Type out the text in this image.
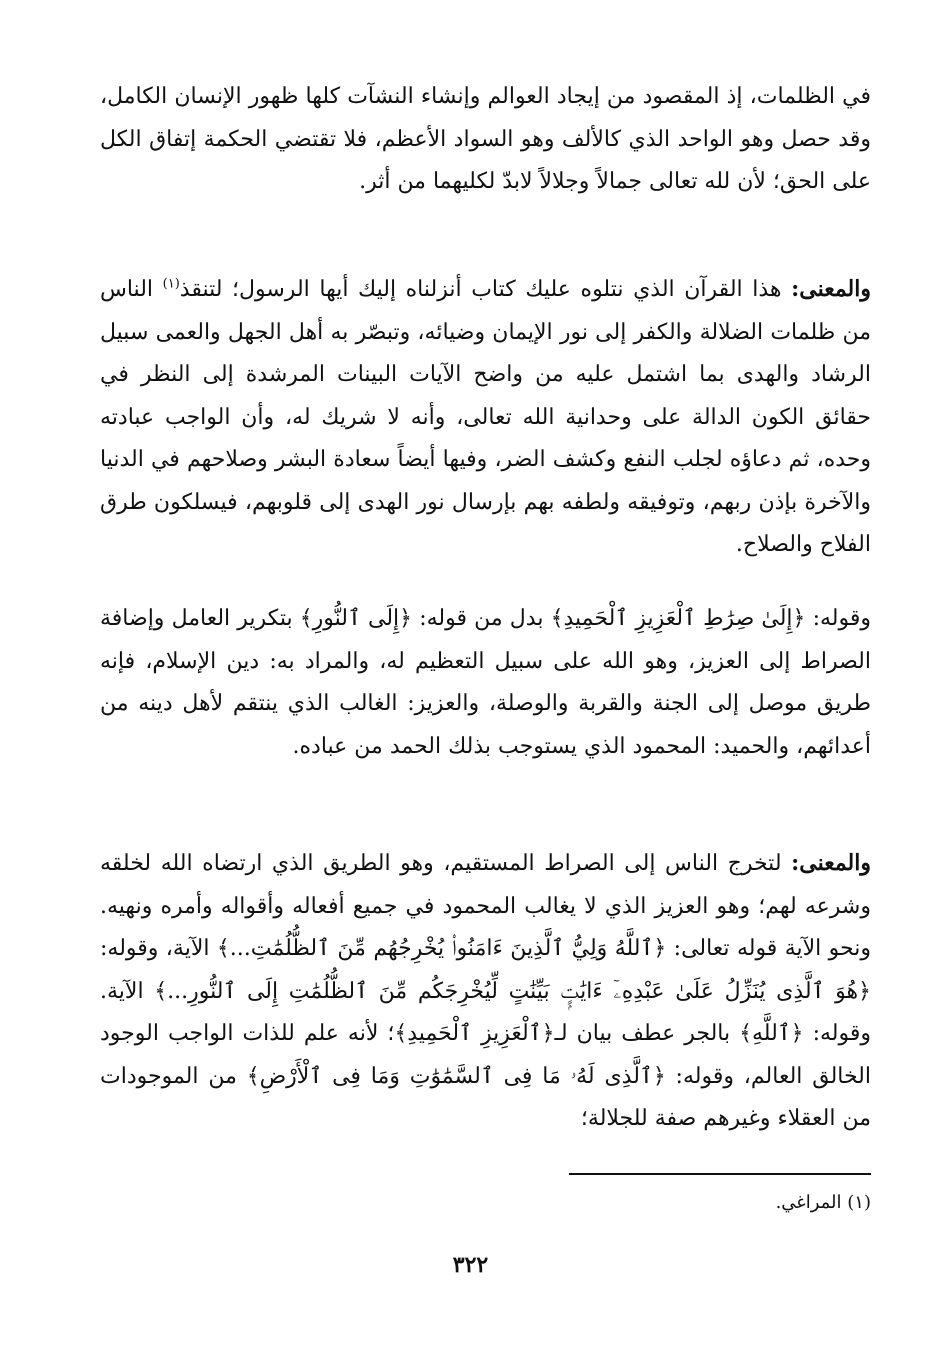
في الظلمات، إذ المقصود من إيجاد العوالم وإنشاء النشآت كلها ظهور الإنسان الكامل، وقد حصل وهو الواحد الذي كالألف وهو السواد الأعظم، فلا تقتضي الحكمة إتفاق الكل على الحق؛ لأن لله تعالى جمالاً وجلالاً لابدّ لكليهما من أثر.

والمعنى: هذا القرآن الذي نتلوه عليك كتاب أنزلناه إليك أيها الرسول؛ لتنقذ$^{(١)}$ الناس من ظلمات الضلالة والكفر إلى نور الإيمان وضيائه، وتبصّر به أهل الجهل والعمى سبيل الرشاد والهدى بما اشتمل عليه من واضح الآيات البينات المرشدة إلى النظر في حقائق الكون الدالة على وحدانية الله تعالى، وأنه لا شريك له، وأن الواجب عبادته وحده، ثم دعاؤه لجلب النفع وكشف الضر، وفيها أيضاً سعادة البشر وصلاحهم في الدنيا والآخرة بإذن ربهم، وتوفيقه ولطفه بهم بإرسال نور الهدى إلى قلوبهم، فيسلكون طرق الفلاح والصلاح.

وقوله: ﴿إِلَىٰ صِرَٰطِ ٱلْعَزِيزِ ٱلْحَمِيدِ﴾ بدل من قوله: ﴿إِلَى ٱلنُّورِ﴾ بتكرير العامل وإضافة الصراط إلى العزيز، وهو الله على سبيل التعظيم له، والمراد به: دين الإسلام، فإنه طريق موصل إلى الجنة والقربة والوصلة، والعزيز: الغالب الذي ينتقم لأهل دينه من أعدائهم، والحميد: المحمود الذي يستوجب بذلك الحمد من عباده.

والمعنى: لتخرج الناس إلى الصراط المستقيم، وهو الطريق الذي ارتضاه الله لخلقه وشرعه لهم؛ وهو العزيز الذي لا يغالب المحمود في جميع أفعاله وأقواله وأمره ونهيه. ونحو الآية قوله تعالى: ﴿ٱللَّهُ وَلِيُّ ٱلَّذِينَ ءَامَنُوا۟ يُخْرِجُهُم مِّنَ ٱلظُّلُمَٰتِ...﴾ الآية، وقوله: ﴿هُوَ ٱلَّذِى يُنَزِّلُ عَلَىٰ عَبْدِهِۦٓ ءَايَٰتٍۭ بَيِّنَٰتٍ لِّيُخْرِجَكُم مِّنَ ٱلظُّلُمَٰتِ إِلَى ٱلنُّورِ...﴾ الآية. وقوله: ﴿ٱللَّهِ﴾ بالجر عطف بيان لـ﴿ٱلْعَزِيزِ ٱلْحَمِيدِ﴾؛ لأنه علم للذات الواجب الوجود الخالق العالم، وقوله: ﴿ٱلَّذِى لَهُۥ مَا فِى ٱلسَّمَٰوَٰتِ وَمَا فِى ٱلْأَرْضِ﴾ من الموجودات من العقلاء وغيرهم صفة للجلالة؛

(١) المراغي.

٣٢٢
